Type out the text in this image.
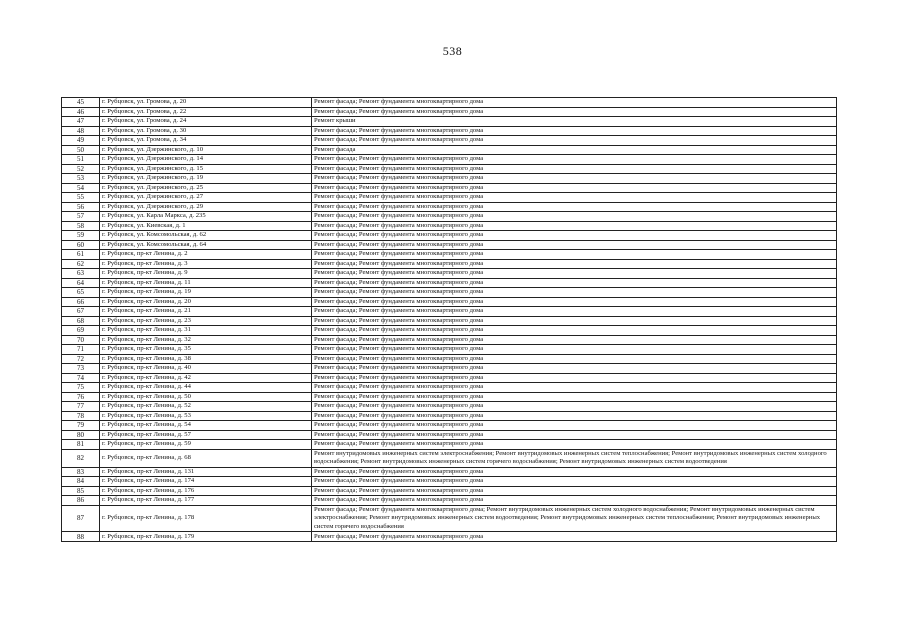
538
45	г. Рубцовск, ул. Громова, д. 20	Ремонт фасада; Ремонт фундамента многоквартирного дома
46	г. Рубцовск, ул. Громова, д. 22	Ремонт фасада; Ремонт фундамента многоквартирного дома
47	г. Рубцовск, ул. Громова, д. 24	Ремонт крыши
48	г. Рубцовск, ул. Громова, д. 30	Ремонт фасада; Ремонт фундамента многоквартирного дома
49	г. Рубцовск, ул. Громова, д. 34	Ремонт фасада; Ремонт фундамента многоквартирного дома
50	г. Рубцовск, ул. Дзержинского, д. 10	Ремонт фасада
51	г. Рубцовск, ул. Дзержинского, д. 14	Ремонт фасада; Ремонт фундамента многоквартирного дома
52	г. Рубцовск, ул. Дзержинского, д. 15	Ремонт фасада; Ремонт фундамента многоквартирного дома
53	г. Рубцовск, ул. Дзержинского, д. 19	Ремонт фасада; Ремонт фундамента многоквартирного дома
54	г. Рубцовск, ул. Дзержинского, д. 25	Ремонт фасада; Ремонт фундамента многоквартирного дома
55	г. Рубцовск, ул. Дзержинского, д. 27	Ремонт фасада; Ремонт фундамента многоквартирного дома
56	г. Рубцовск, ул. Дзержинского, д. 29	Ремонт фасада; Ремонт фундамента многоквартирного дома
57	г. Рубцовск, ул. Карла Маркса, д. 235	Ремонт фасада; Ремонт фундамента многоквартирного дома
58	г. Рубцовск, ул. Киевская, д. 1	Ремонт фасада; Ремонт фундамента многоквартирного дома
59	г. Рубцовск, ул. Комсомольская, д. 62	Ремонт фасада; Ремонт фундамента многоквартирного дома
60	г. Рубцовск, ул. Комсомольская, д. 64	Ремонт фасада; Ремонт фундамента многоквартирного дома
61	г. Рубцовск, пр-кт Ленина, д. 2	Ремонт фасада; Ремонт фундамента многоквартирного дома
62	г. Рубцовск, пр-кт Ленина, д. 3	Ремонт фасада; Ремонт фундамента многоквартирного дома
63	г. Рубцовск, пр-кт Ленина, д. 9	Ремонт фасада; Ремонт фундамента многоквартирного дома
64	г. Рубцовск, пр-кт Ленина, д. 11	Ремонт фасада; Ремонт фундамента многоквартирного дома
65	г. Рубцовск, пр-кт Ленина, д. 19	Ремонт фасада; Ремонт фундамента многоквартирного дома
66	г. Рубцовск, пр-кт Ленина, д. 20	Ремонт фасада; Ремонт фундамента многоквартирного дома
67	г. Рубцовск, пр-кт Ленина, д. 21	Ремонт фасада; Ремонт фундамента многоквартирного дома
68	г. Рубцовск, пр-кт Ленина, д. 23	Ремонт фасада; Ремонт фундамента многоквартирного дома
69	г. Рубцовск, пр-кт Ленина, д. 31	Ремонт фасада; Ремонт фундамента многоквартирного дома
70	г. Рубцовск, пр-кт Ленина, д. 32	Ремонт фасада; Ремонт фундамента многоквартирного дома
71	г. Рубцовск, пр-кт Ленина, д. 35	Ремонт фасада; Ремонт фундамента многоквартирного дома
72	г. Рубцовск, пр-кт Ленина, д. 38	Ремонт фасада; Ремонт фундамента многоквартирного дома
73	г. Рубцовск, пр-кт Ленина, д. 40	Ремонт фасада; Ремонт фундамента многоквартирного дома
74	г. Рубцовск, пр-кт Ленина, д. 42	Ремонт фасада; Ремонт фундамента многоквартирного дома
75	г. Рубцовск, пр-кт Ленина, д. 44	Ремонт фасада; Ремонт фундамента многоквартирного дома
76	г. Рубцовск, пр-кт Ленина, д. 50	Ремонт фасада; Ремонт фундамента многоквартирного дома
77	г. Рубцовск, пр-кт Ленина, д. 52	Ремонт фасада; Ремонт фундамента многоквартирного дома
78	г. Рубцовск, пр-кт Ленина, д. 53	Ремонт фасада; Ремонт фундамента многоквартирного дома
79	г. Рубцовск, пр-кт Ленина, д. 54	Ремонт фасада; Ремонт фундамента многоквартирного дома
80	г. Рубцовск, пр-кт Ленина, д. 57	Ремонт фасада; Ремонт фундамента многоквартирного дома
81	г. Рубцовск, пр-кт Ленина, д. 59	Ремонт фасада; Ремонт фундамента многоквартирного дома
82	г. Рубцовск, пр-кт Ленина, д. 68	Ремонт внутридомовых инженерных систем электроснабжения; Ремонт внутридомовых инженерных систем теплоснабжения; Ремонт внутридомовых инженерных систем холодного водоснабжения; Ремонт внутридомовых инженерных систем горячего водоснабжения; Ремонт внутридомовых инженерных систем водоотведения
83	г. Рубцовск, пр-кт Ленина, д. 131	Ремонт фасада; Ремонт фундамента многоквартирного дома
84	г. Рубцовск, пр-кт Ленина, д. 174	Ремонт фасада; Ремонт фундамента многоквартирного дома
85	г. Рубцовск, пр-кт Ленина, д. 176	Ремонт фасада; Ремонт фундамента многоквартирного дома
86	г. Рубцовск, пр-кт Ленина, д. 177	Ремонт фасада; Ремонт фундамента многоквартирного дома
87	г. Рубцовск, пр-кт Ленина, д. 178	Ремонт фасада; Ремонт фундамента многоквартирного дома; Ремонт внутридомовых инженерных систем холодного водоснабжения; Ремонт внутридомовых инженерных систем электроснабжения; Ремонт внутридомовых инженерных систем водоотведения; Ремонт внутридомовых инженерных систем теплоснабжения; Ремонт внутридомовых инженерных систем горячего водоснабжения
88	г. Рубцовск, пр-кт Ленина, д. 179	Ремонт фасада; Ремонт фундамента многоквартирного дома
